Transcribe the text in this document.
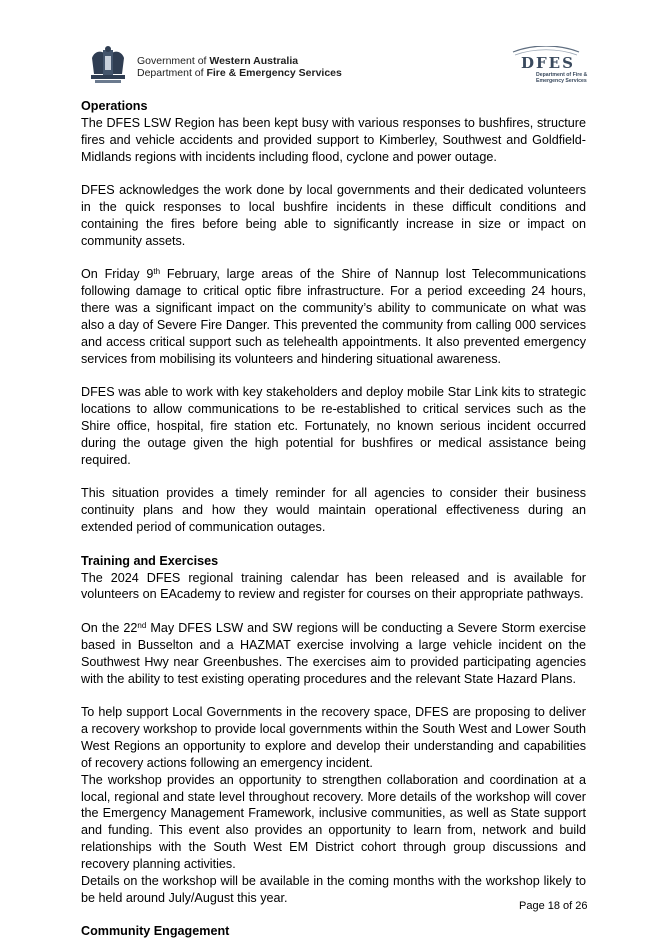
Government of Western Australia
Department of Fire & Emergency Services
DFES
Department of Fire &
Emergency Services
Operations

The DFES LSW Region has been kept busy with various responses to bushfires, structure fires and vehicle accidents and provided support to Kimberley, Southwest and Goldfield-Midlands regions with incidents including flood, cyclone and power outage.

DFES acknowledges the work done by local governments and their dedicated volunteers in the quick responses to local bushfire incidents in these difficult conditions and containing the fires before being able to significantly increase in size or impact on community assets.

On Friday 9th February, large areas of the Shire of Nannup lost Telecommunications following damage to critical optic fibre infrastructure. For a period exceeding 24 hours, there was a significant impact on the community’s ability to communicate on what was also a day of Severe Fire Danger. This prevented the community from calling 000 services and access critical support such as telehealth appointments. It also prevented emergency services from mobilising its volunteers and hindering situational awareness.

DFES was able to work with key stakeholders and deploy mobile Star Link kits to strategic locations to allow communications to be re-established to critical services such as the Shire office, hospital, fire station etc. Fortunately, no known serious incident occurred during the outage given the high potential for bushfires or medical assistance being required.

This situation provides a timely reminder for all agencies to consider their business continuity plans and how they would maintain operational effectiveness during an extended period of communication outages.

Training and Exercises

The 2024 DFES regional training calendar has been released and is available for volunteers on EAcademy to review and register for courses on their appropriate pathways.

On the 22nd May DFES LSW and SW regions will be conducting a Severe Storm exercise based in Busselton and a HAZMAT exercise involving a large vehicle incident on the Southwest Hwy near Greenbushes. The exercises aim to provided participating agencies with the ability to test existing operating procedures and the relevant State Hazard Plans.

To help support Local Governments in the recovery space, DFES are proposing to deliver a recovery workshop to provide local governments within the South West and Lower South West Regions an opportunity to explore and develop their understanding and capabilities of recovery actions following an emergency incident.

The workshop provides an opportunity to strengthen collaboration and coordination at a local, regional and state level throughout recovery. More details of the workshop will cover the Emergency Management Framework, inclusive communities, as well as State support and funding. This event also provides an opportunity to learn from, network and build relationships with the South West EM District cohort through group discussions and recovery planning activities.

Details on the workshop will be available in the coming months with the workshop likely to be held around July/August this year.

Community Engagement
Page 18 of 26
